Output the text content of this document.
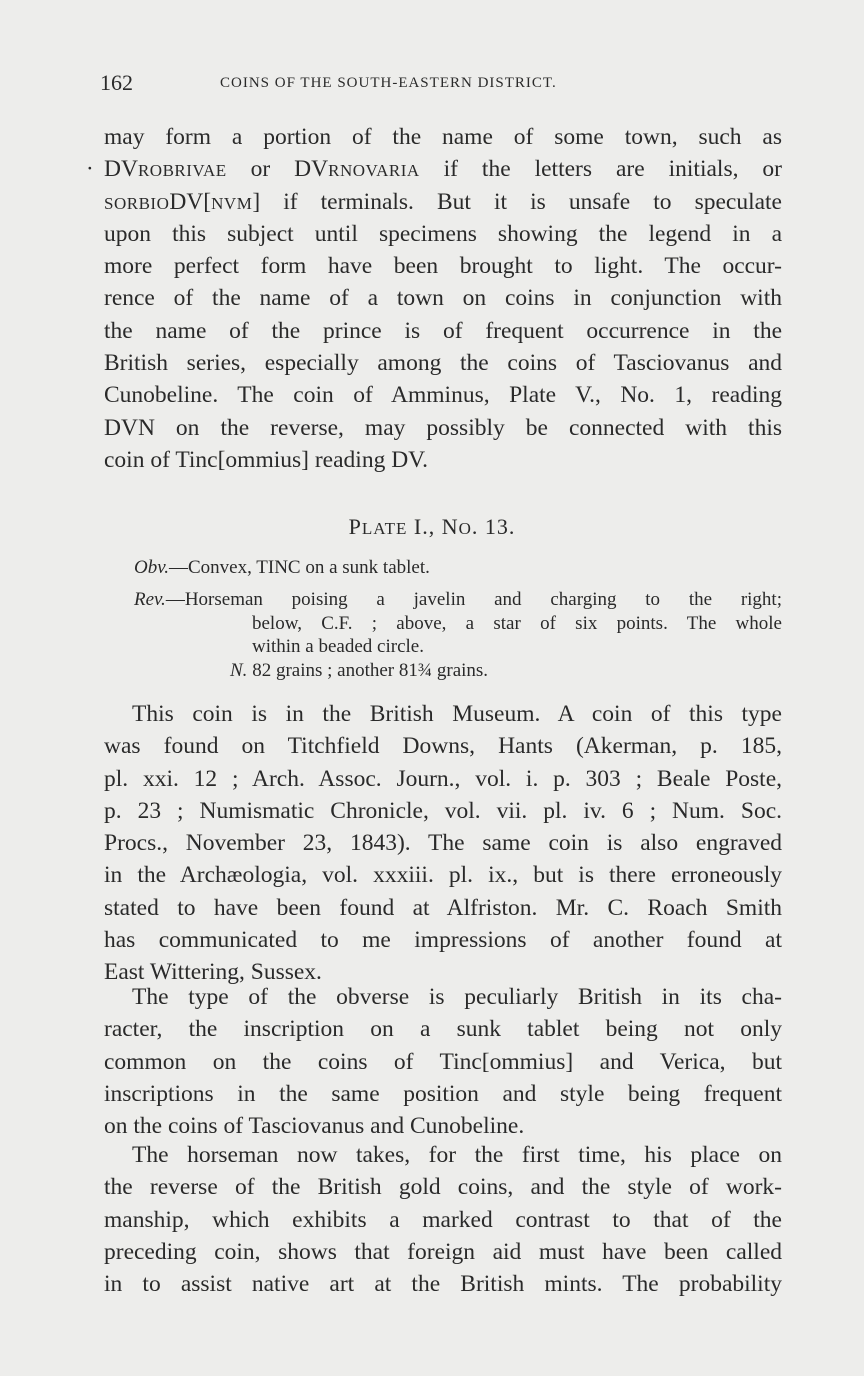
162	COINS OF THE SOUTH-EASTERN DISTRICT.
may form a portion of the name of some town, such as
· DVROBRIVAE or DVRNOVARIA if the letters are initials, or
SORBIODV[NVM] if terminals. But it is unsafe to speculate
upon this subject until specimens showing the legend in a
more perfect form have been brought to light. The occur-
rence of the name of a town on coins in conjunction with
the name of the prince is of frequent occurrence in the
British series, especially among the coins of Tasciovanus and
Cunobeline. The coin of Amminus, Plate V., No. 1, reading
DVN on the reverse, may possibly be connected with this
coin of Tinc[ommius] reading DV.
PLATE I., NO. 13.
Obv.—Convex, TINC on a sunk tablet.
Rev.—Horseman poising a javelin and charging to the right;
below, C.F. ; above, a star of six points. The whole
within a beaded circle.
N. 82 grains ; another 81¾ grains.
This coin is in the British Museum. A coin of this type
was found on Titchfield Downs, Hants (Akerman, p. 185,
pl. xxi. 12 ; Arch. Assoc. Journ., vol. i. p. 303 ; Beale Poste,
p. 23 ; Numismatic Chronicle, vol. vii. pl. iv. 6 ; Num. Soc.
Procs., November 23, 1843). The same coin is also engraved
in the Archæologia, vol. xxxiii. pl. ix., but is there erroneously
stated to have been found at Alfriston. Mr. C. Roach Smith
has communicated to me impressions of another found at
East Wittering, Sussex.
The type of the obverse is peculiarly British in its cha-
racter, the inscription on a sunk tablet being not only
common on the coins of Tinc[ommius] and Verica, but
inscriptions in the same position and style being frequent
on the coins of Tasciovanus and Cunobeline.
The horseman now takes, for the first time, his place on
the reverse of the British gold coins, and the style of work-
manship, which exhibits a marked contrast to that of the
preceding coin, shows that foreign aid must have been called
in to assist native art at the British mints. The probability
